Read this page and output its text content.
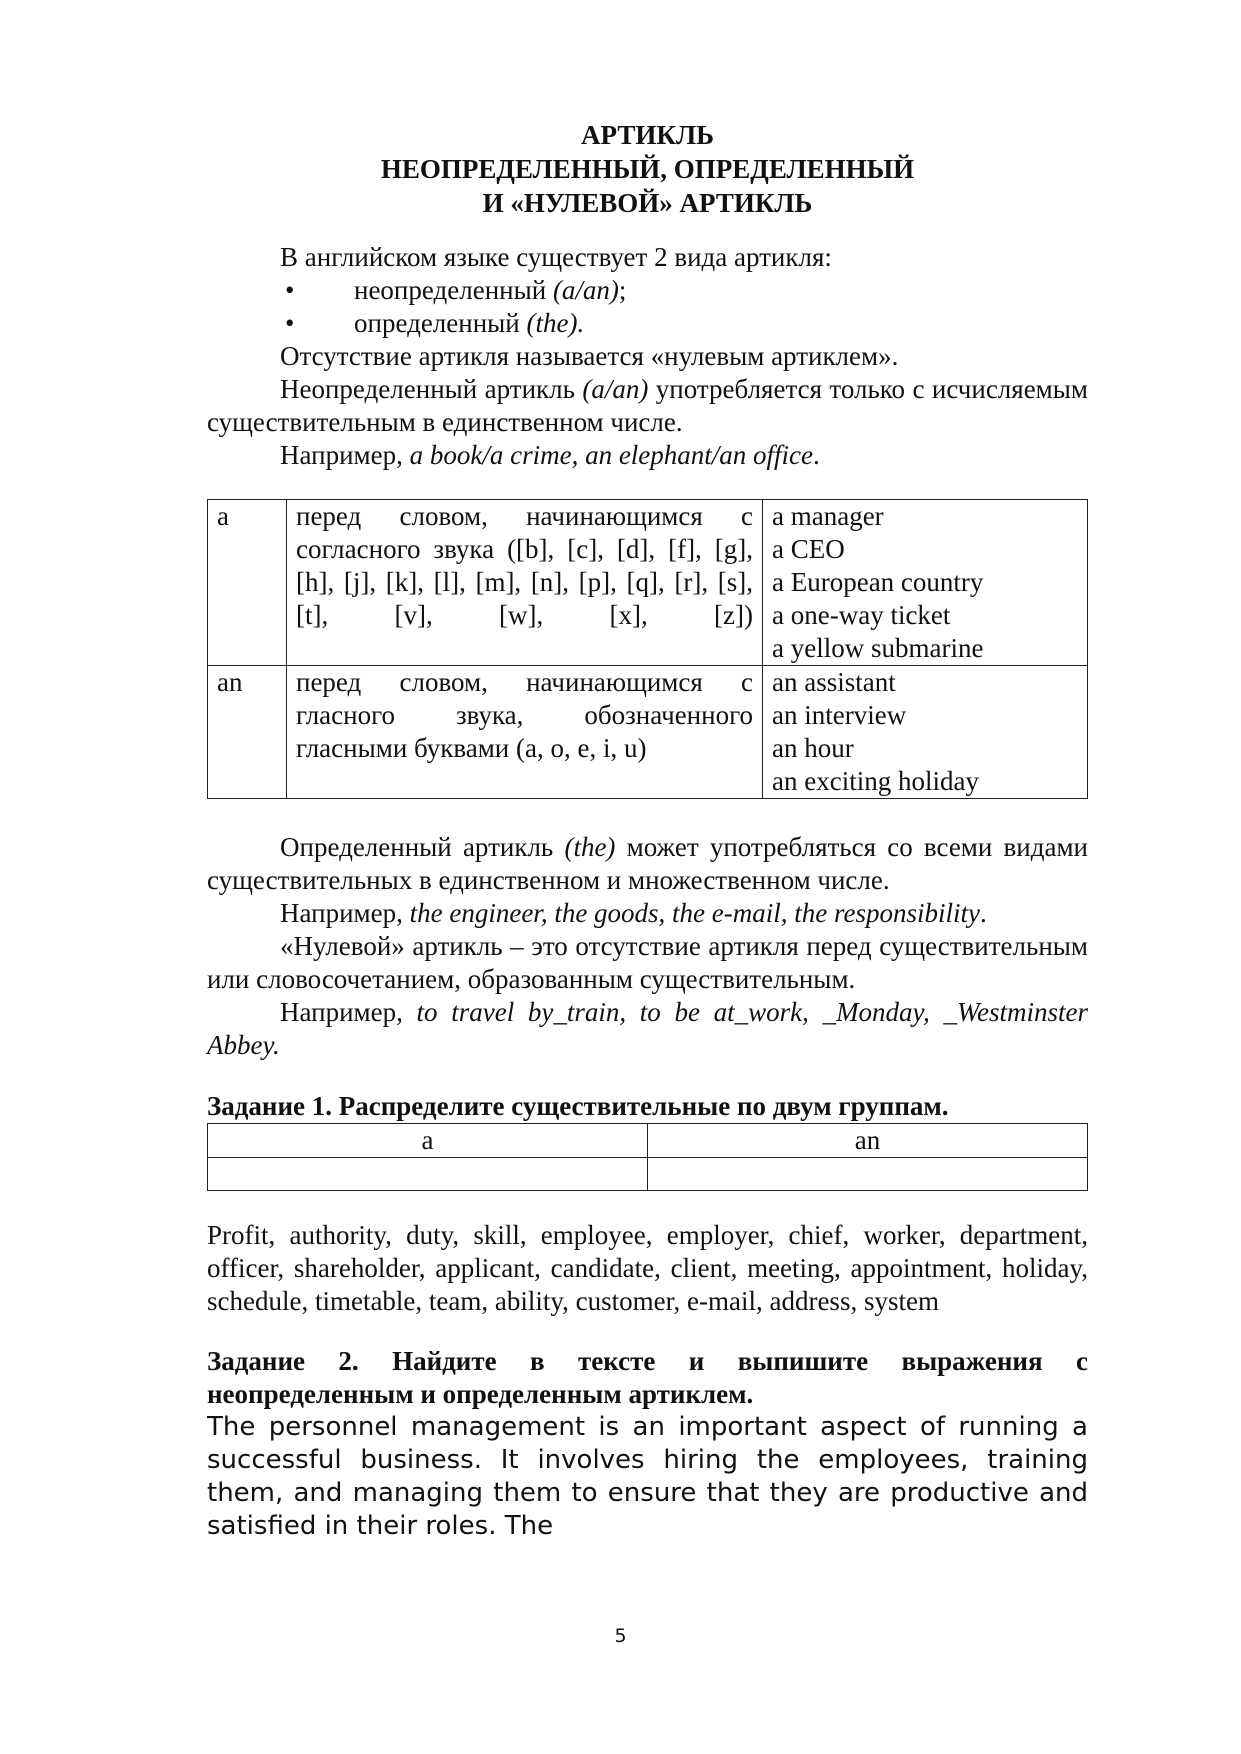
АРТИКЛЬ
НЕОПРЕДЕЛЕННЫЙ, ОПРЕДЕЛЕННЫЙ
И «НУЛЕВОЙ» АРТИКЛЬ

В английском языке существует 2 вида артикля:

• неопределенный (a/an);
• определенный (the).

Отсутствие артикля называется «нулевым артиклем».

Неопределенный артикль (a/an) употребляется только с исчисляемым существительным в единственном числе.

Например, a book/a crime, an elephant/an office.

a	перед словом, начинающимся с согласного звука ([b], [c], [d], [f], [g], [h], [j], [k], [l], [m], [n], [p], [q], [r], [s], [t], [v], [w], [x], [z])	a manager
a CEO
a European country
a one-way ticket
a yellow submarine

an	перед словом, начинающимся с гласного звука, обозначенного гласными буквами (a, o, e, i, u)	an assistant
an interview
an hour
an exciting holiday

Определенный артикль (the) может употребляться со всеми видами существительных в единственном и множественном числе.

Например, the engineer, the goods, the e-mail, the responsibility.

«Нулевой» артикль – это отсутствие артикля перед существительным или словосочетанием, образованным существительным.

Например, to travel by_train, to be at_work, _Monday, _Westminster Abbey.

Задание 1. Распределите существительные по двум группам.

a	an

Profit, authority, duty, skill, employee, employer, chief, worker, department, officer, shareholder, applicant, candidate, client, meeting, appointment, holiday, schedule, timetable, team, ability, customer, e-mail, address, system

Задание 2. Найдите в тексте и выпишите выражения с неопределенным и определенным артиклем.

The personnel management is an important aspect of running a successful business. It involves hiring the employees, training them, and managing them to ensure that they are productive and satisfied in their roles. The

5
